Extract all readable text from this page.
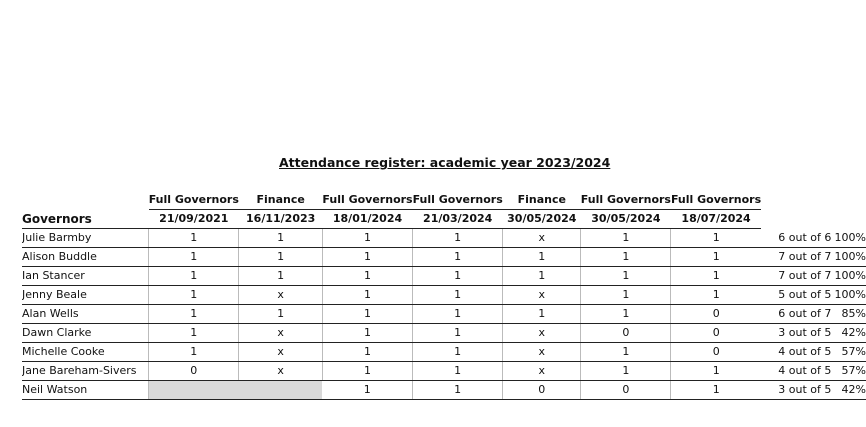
Attendance register: academic year 2023/2024
	Full Governors	Finance	Full Governors	Full Governors	Finance	Full Governors	Full Governors		
Governors	21/09/2021	16/11/2023	18/01/2024	21/03/2024	30/05/2024	30/05/2024	18/07/2024		
Julie Barmby	1	1	1	1	x	1	1	6 out of 6	100%
Alison Buddle	1	1	1	1	1	1	1	7 out of 7	100%
Ian Stancer	1	1	1	1	1	1	1	7 out of 7	100%
Jenny Beale	1	x	1	1	x	1	1	5 out of 5	100%
Alan Wells	1	1	1	1	1	1	0	6 out of 7	85%
Dawn Clarke	1	x	1	1	x	0	0	3 out of 5	42%
Michelle Cooke	1	x	1	1	x	1	0	4 out of 5	57%
Jane Bareham-Sivers	0	x	1	1	x	1	1	4 out of 5	57%
Neil Watson			1	1	0	0	1	3 out of 5	42%
